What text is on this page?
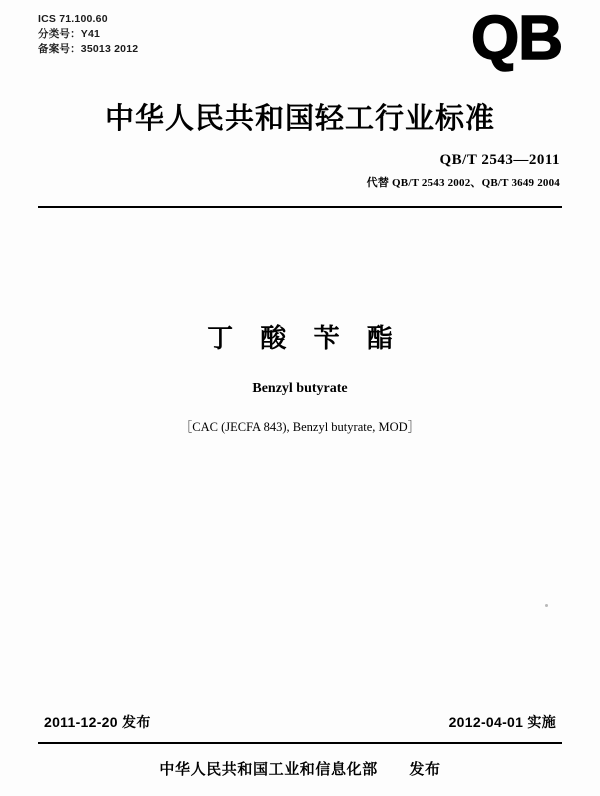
ICS 71.100.60
分类号：Y41
备案号：35013 2012	QB
中华人民共和国轻工行业标准
QB/T 2543—2011
代替 QB/T 2543 2002、QB/T 3649 2004
丁 酸 苄 酯
Benzyl butyrate
［CAC (JECFA 843), Benzyl butyrate, MOD］
2011-12-20 发布	2012-04-01 实施
中华人民共和国工业和信息化部 发布
